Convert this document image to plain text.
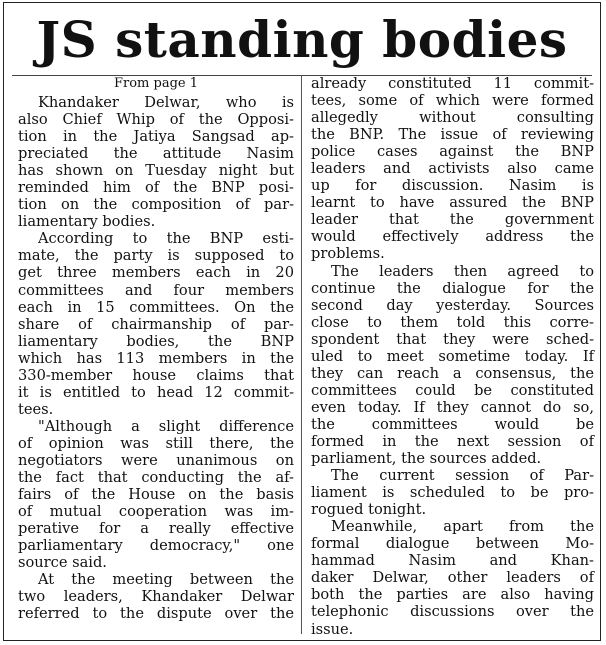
JS standing bodies
From page 1
Khandaker Delwar, who is
also Chief Whip of the Opposi-
tion in the Jatiya Sangsad ap-
preciated the attitude Nasim
has shown on Tuesday night but
reminded him of the BNP posi-
tion on the composition of par-
liamentary bodies.
According to the BNP esti-
mate, the party is supposed to
get three members each in 20
committees and four members
each in 15 committees. On the
share of chairmanship of par-
liamentary bodies, the BNP
which has 113 members in the
330-member house claims that
it is entitled to head 12 commit-
tees.
"Although a slight difference
of opinion was still there, the
negotiators were unanimous on
the fact that conducting the af-
fairs of the House on the basis
of mutual cooperation was im-
perative for a really effective
parliamentary democracy," one
source said.
At the meeting between the
two leaders, Khandaker Delwar
referred to the dispute over the
already constituted 11 commit-
tees, some of which were formed
allegedly without consulting
the BNP. The issue of reviewing
police cases against the BNP
leaders and activists also came
up for discussion. Nasim is
learnt to have assured the BNP
leader that the government
would effectively address the
problems.
The leaders then agreed to
continue the dialogue for the
second day yesterday. Sources
close to them told this corre-
spondent that they were sched-
uled to meet sometime today. If
they can reach a consensus, the
committees could be constituted
even today. If they cannot do so,
the committees would be
formed in the next session of
parliament, the sources added.
The current session of Par-
liament is scheduled to be pro-
rogued tonight.
Meanwhile, apart from the
formal dialogue between Mo-
hammad Nasim and Khan-
daker Delwar, other leaders of
both the parties are also having
telephonic discussions over the
issue.
